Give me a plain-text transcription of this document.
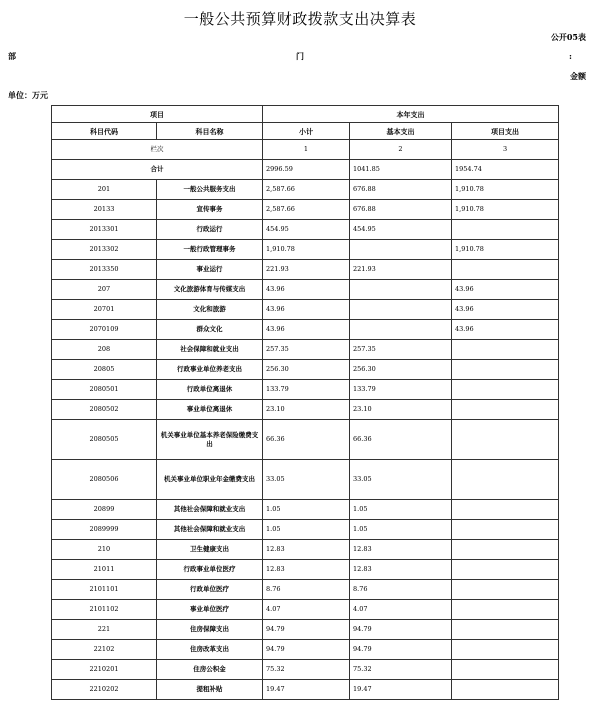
一般公共预算财政拨款支出决算表
公开05表
部	门	:
金额
单位：万元
项目		本年支出		
科目代码	科目名称	小计	基本支出	项目支出
栏次		1	2	3
合计		2996.59	1041.85	1954.74
201	一般公共服务支出	2,587.66	676.88	1,910.78
20133	宣传事务	2,587.66	676.88	1,910.78
2013301	行政运行	454.95	454.95	
2013302	一般行政管理事务	1,910.78		1,910.78
2013350	事业运行	221.93	221.93	
207	文化旅游体育与传媒支出	43.96		43.96
20701	文化和旅游	43.96		43.96
2070109	群众文化	43.96		43.96
208	社会保障和就业支出	257.35	257.35	
20805	行政事业单位养老支出	256.30	256.30	
2080501	行政单位离退休	133.79	133.79	
2080502	事业单位离退休	23.10	23.10	
2080505	机关事业单位基本养老保险缴费支出	66.36	66.36	
2080506	机关事业单位职业年金缴费支出	33.05	33.05	
20899	其他社会保障和就业支出	1.05	1.05	
2089999	其他社会保障和就业支出	1.05	1.05	
210	卫生健康支出	12.83	12.83	
21011	行政事业单位医疗	12.83	12.83	
2101101	行政单位医疗	8.76	8.76	
2101102	事业单位医疗	4.07	4.07	
221	住房保障支出	94.79	94.79	
22102	住房改革支出	94.79	94.79	
2210201	住房公积金	75.32	75.32	
2210202	提租补贴	19.47	19.47	
